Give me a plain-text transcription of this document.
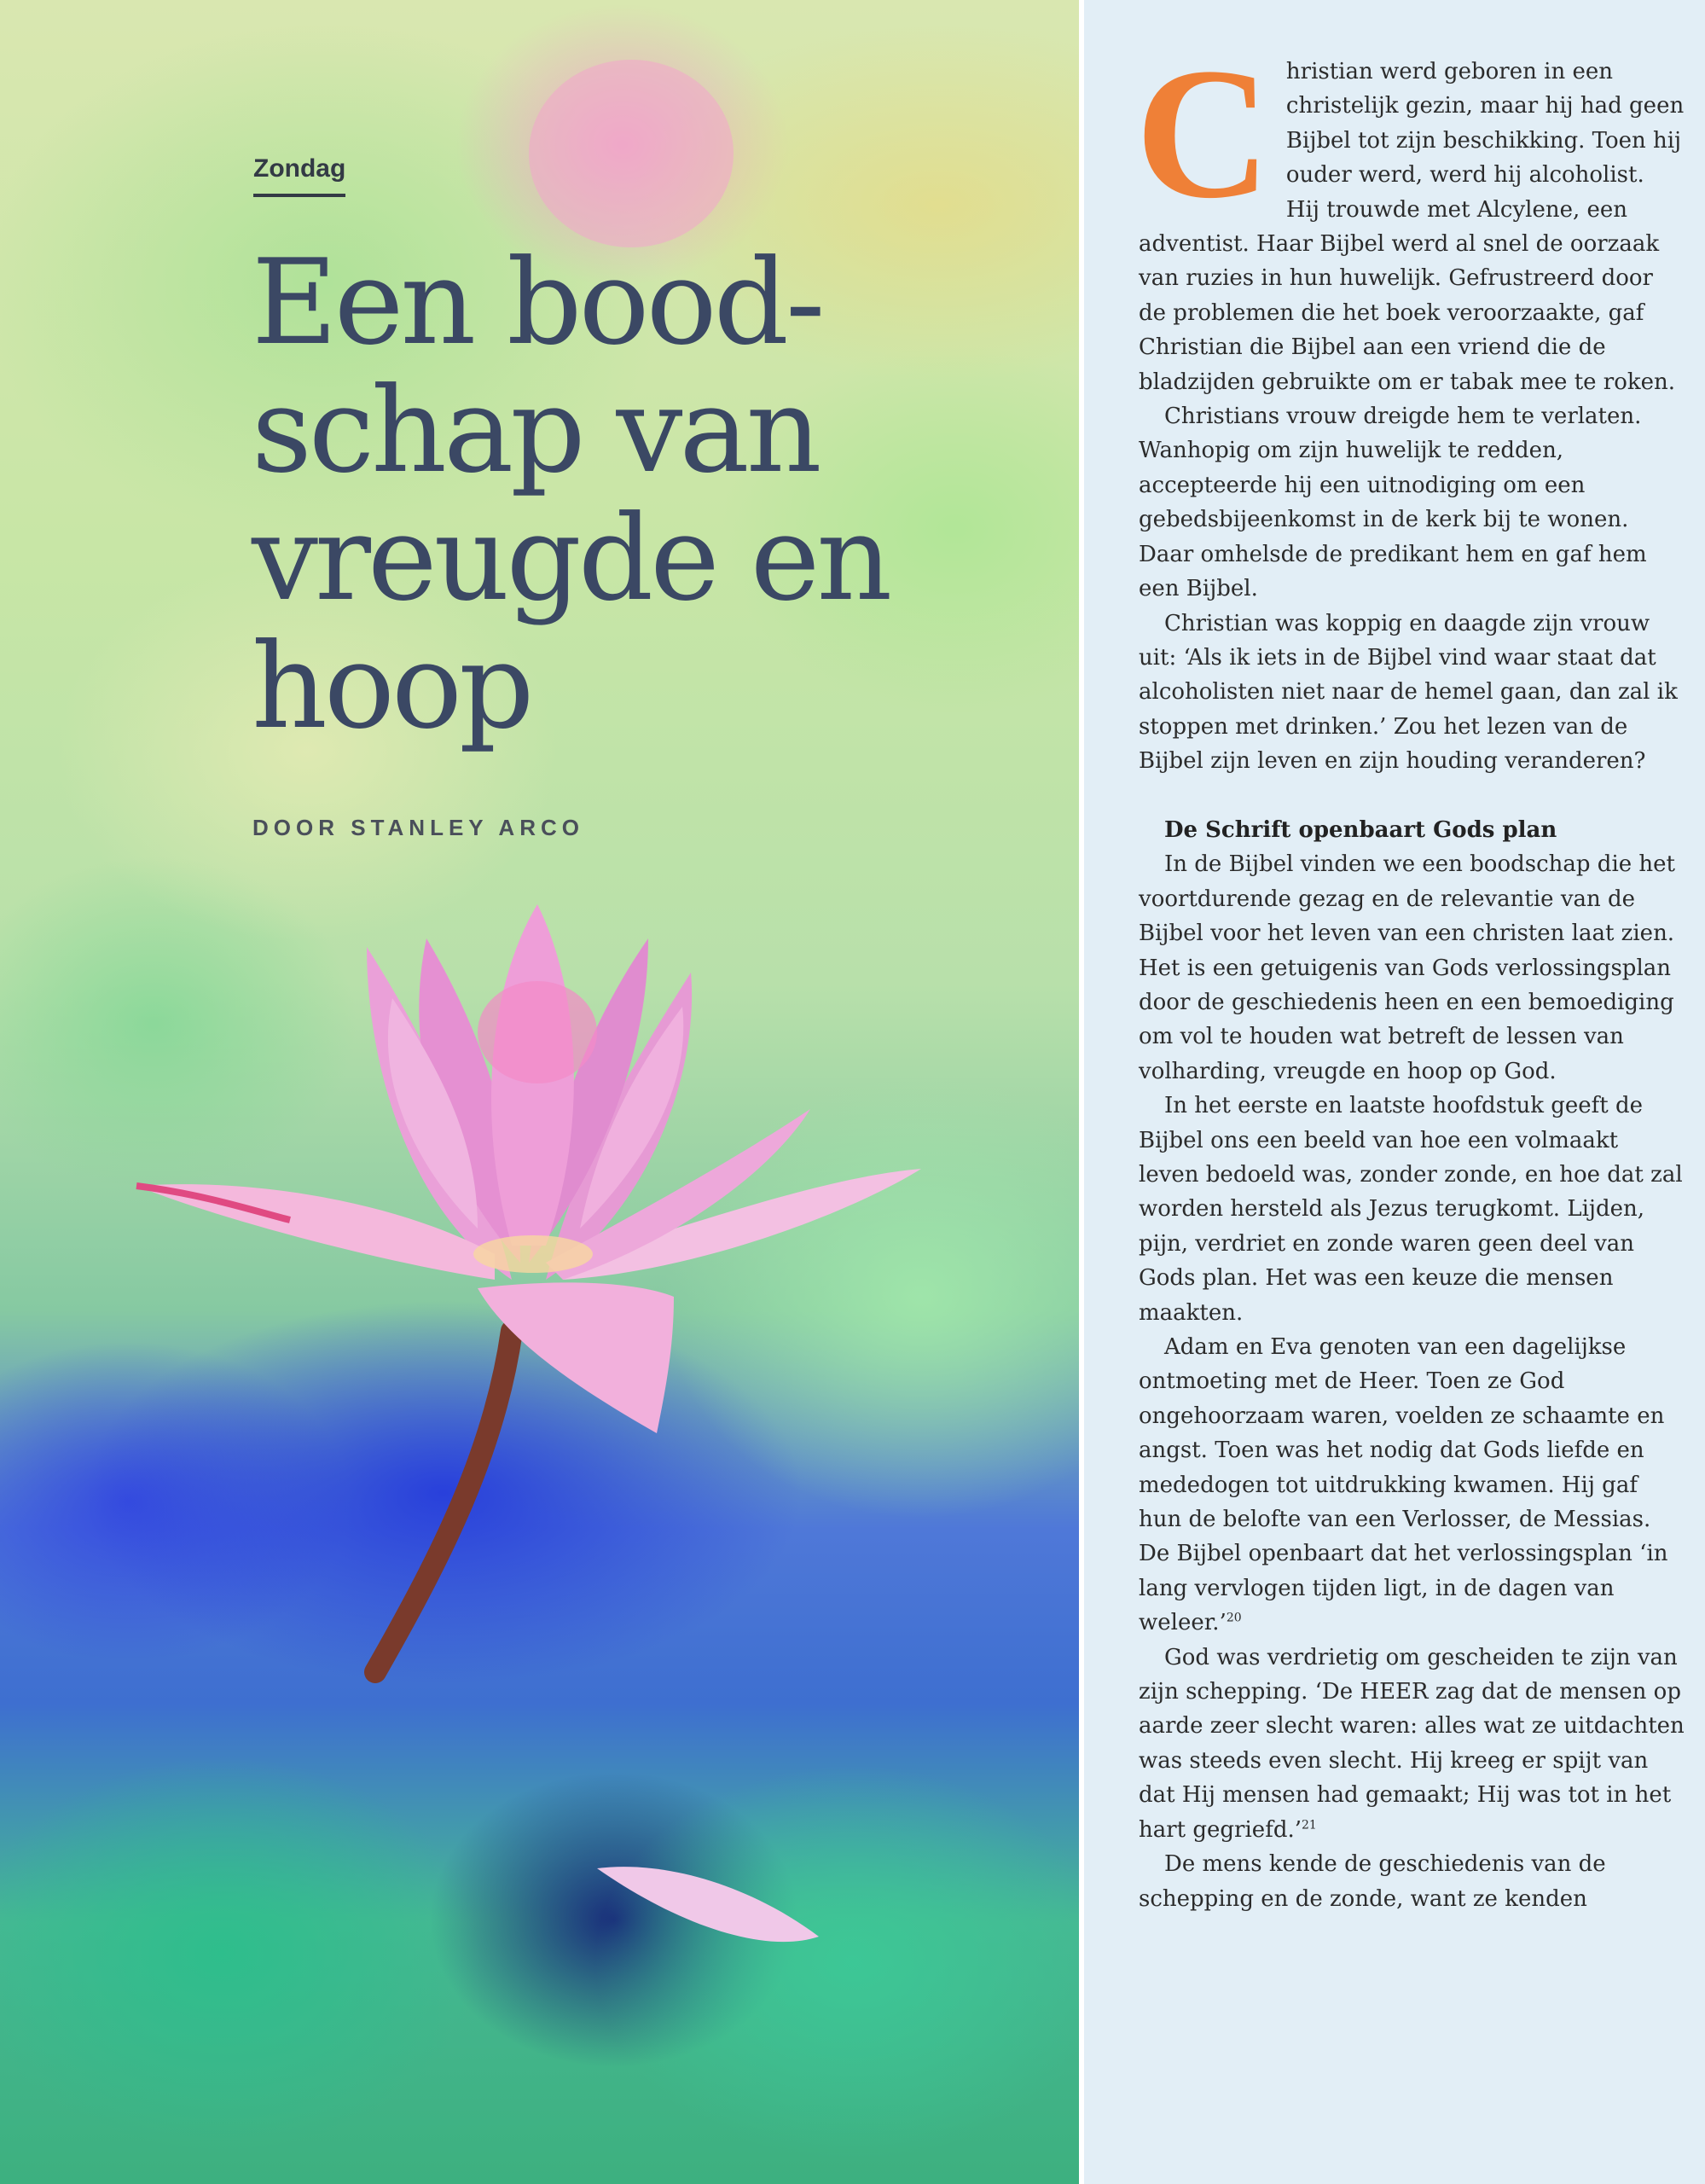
Zondag
Een bood-
schap van
vreugde en
hoop
DOOR STANLEY ARCO
C hristian werd geboren in een christelijk gezin, maar hij had geen Bijbel tot zijn beschikking. Toen hij ouder werd, werd hij alcoholist. Hij trouwde met Alcylene, een adventist. Haar Bijbel werd al snel de oorzaak van ruzies in hun huwelijk. Gefrustreerd door de problemen die het boek veroorzaakte, gaf Christian die Bijbel aan een vriend die de bladzijden gebruikte om er tabak mee te roken.

Christians vrouw dreigde hem te verlaten. Wanhopig om zijn huwelijk te redden, accepteerde hij een uitnodiging om een gebedsbijeenkomst in de kerk bij te wonen. Daar omhelsde de predikant hem en gaf hem een Bijbel.

Christian was koppig en daagde zijn vrouw uit: ‘Als ik iets in de Bijbel vind waar staat dat alcoholisten niet naar de hemel gaan, dan zal ik stoppen met drinken.’ Zou het lezen van de Bijbel zijn leven en zijn houding veranderen?

De Schrift openbaart Gods plan

In de Bijbel vinden we een boodschap die het voortdurende gezag en de relevantie van de Bijbel voor het leven van een christen laat zien. Het is een getuigenis van Gods verlossingsplan door de geschiedenis heen en een bemoediging om vol te houden wat betreft de lessen van volharding, vreugde en hoop op God.

In het eerste en laatste hoofdstuk geeft de Bijbel ons een beeld van hoe een volmaakt leven bedoeld was, zonder zonde, en hoe dat zal worden hersteld als Jezus terugkomt. Lijden, pijn, verdriet en zonde waren geen deel van Gods plan. Het was een keuze die mensen maakten.

Adam en Eva genoten van een dagelijkse ontmoeting met de Heer. Toen ze God ongehoorzaam waren, voelden ze schaamte en angst. Toen was het nodig dat Gods liefde en mededogen tot uitdrukking kwamen. Hij gaf hun de belofte van een Verlosser, de Messias. De Bijbel openbaart dat het verlossingsplan ‘in lang vervlogen tijden ligt, in de dagen van weleer.’$^{20}$

God was verdrietig om gescheiden te zijn van zijn schepping. ‘De HEER zag dat de mensen op aarde zeer slecht waren: alles wat ze uitdachten was steeds even slecht. Hij kreeg er spijt van dat Hij mensen had gemaakt; Hij was tot in het hart gegriefd.’$^{21}$

De mens kende de geschiedenis van de schepping en de zonde, want ze kenden
